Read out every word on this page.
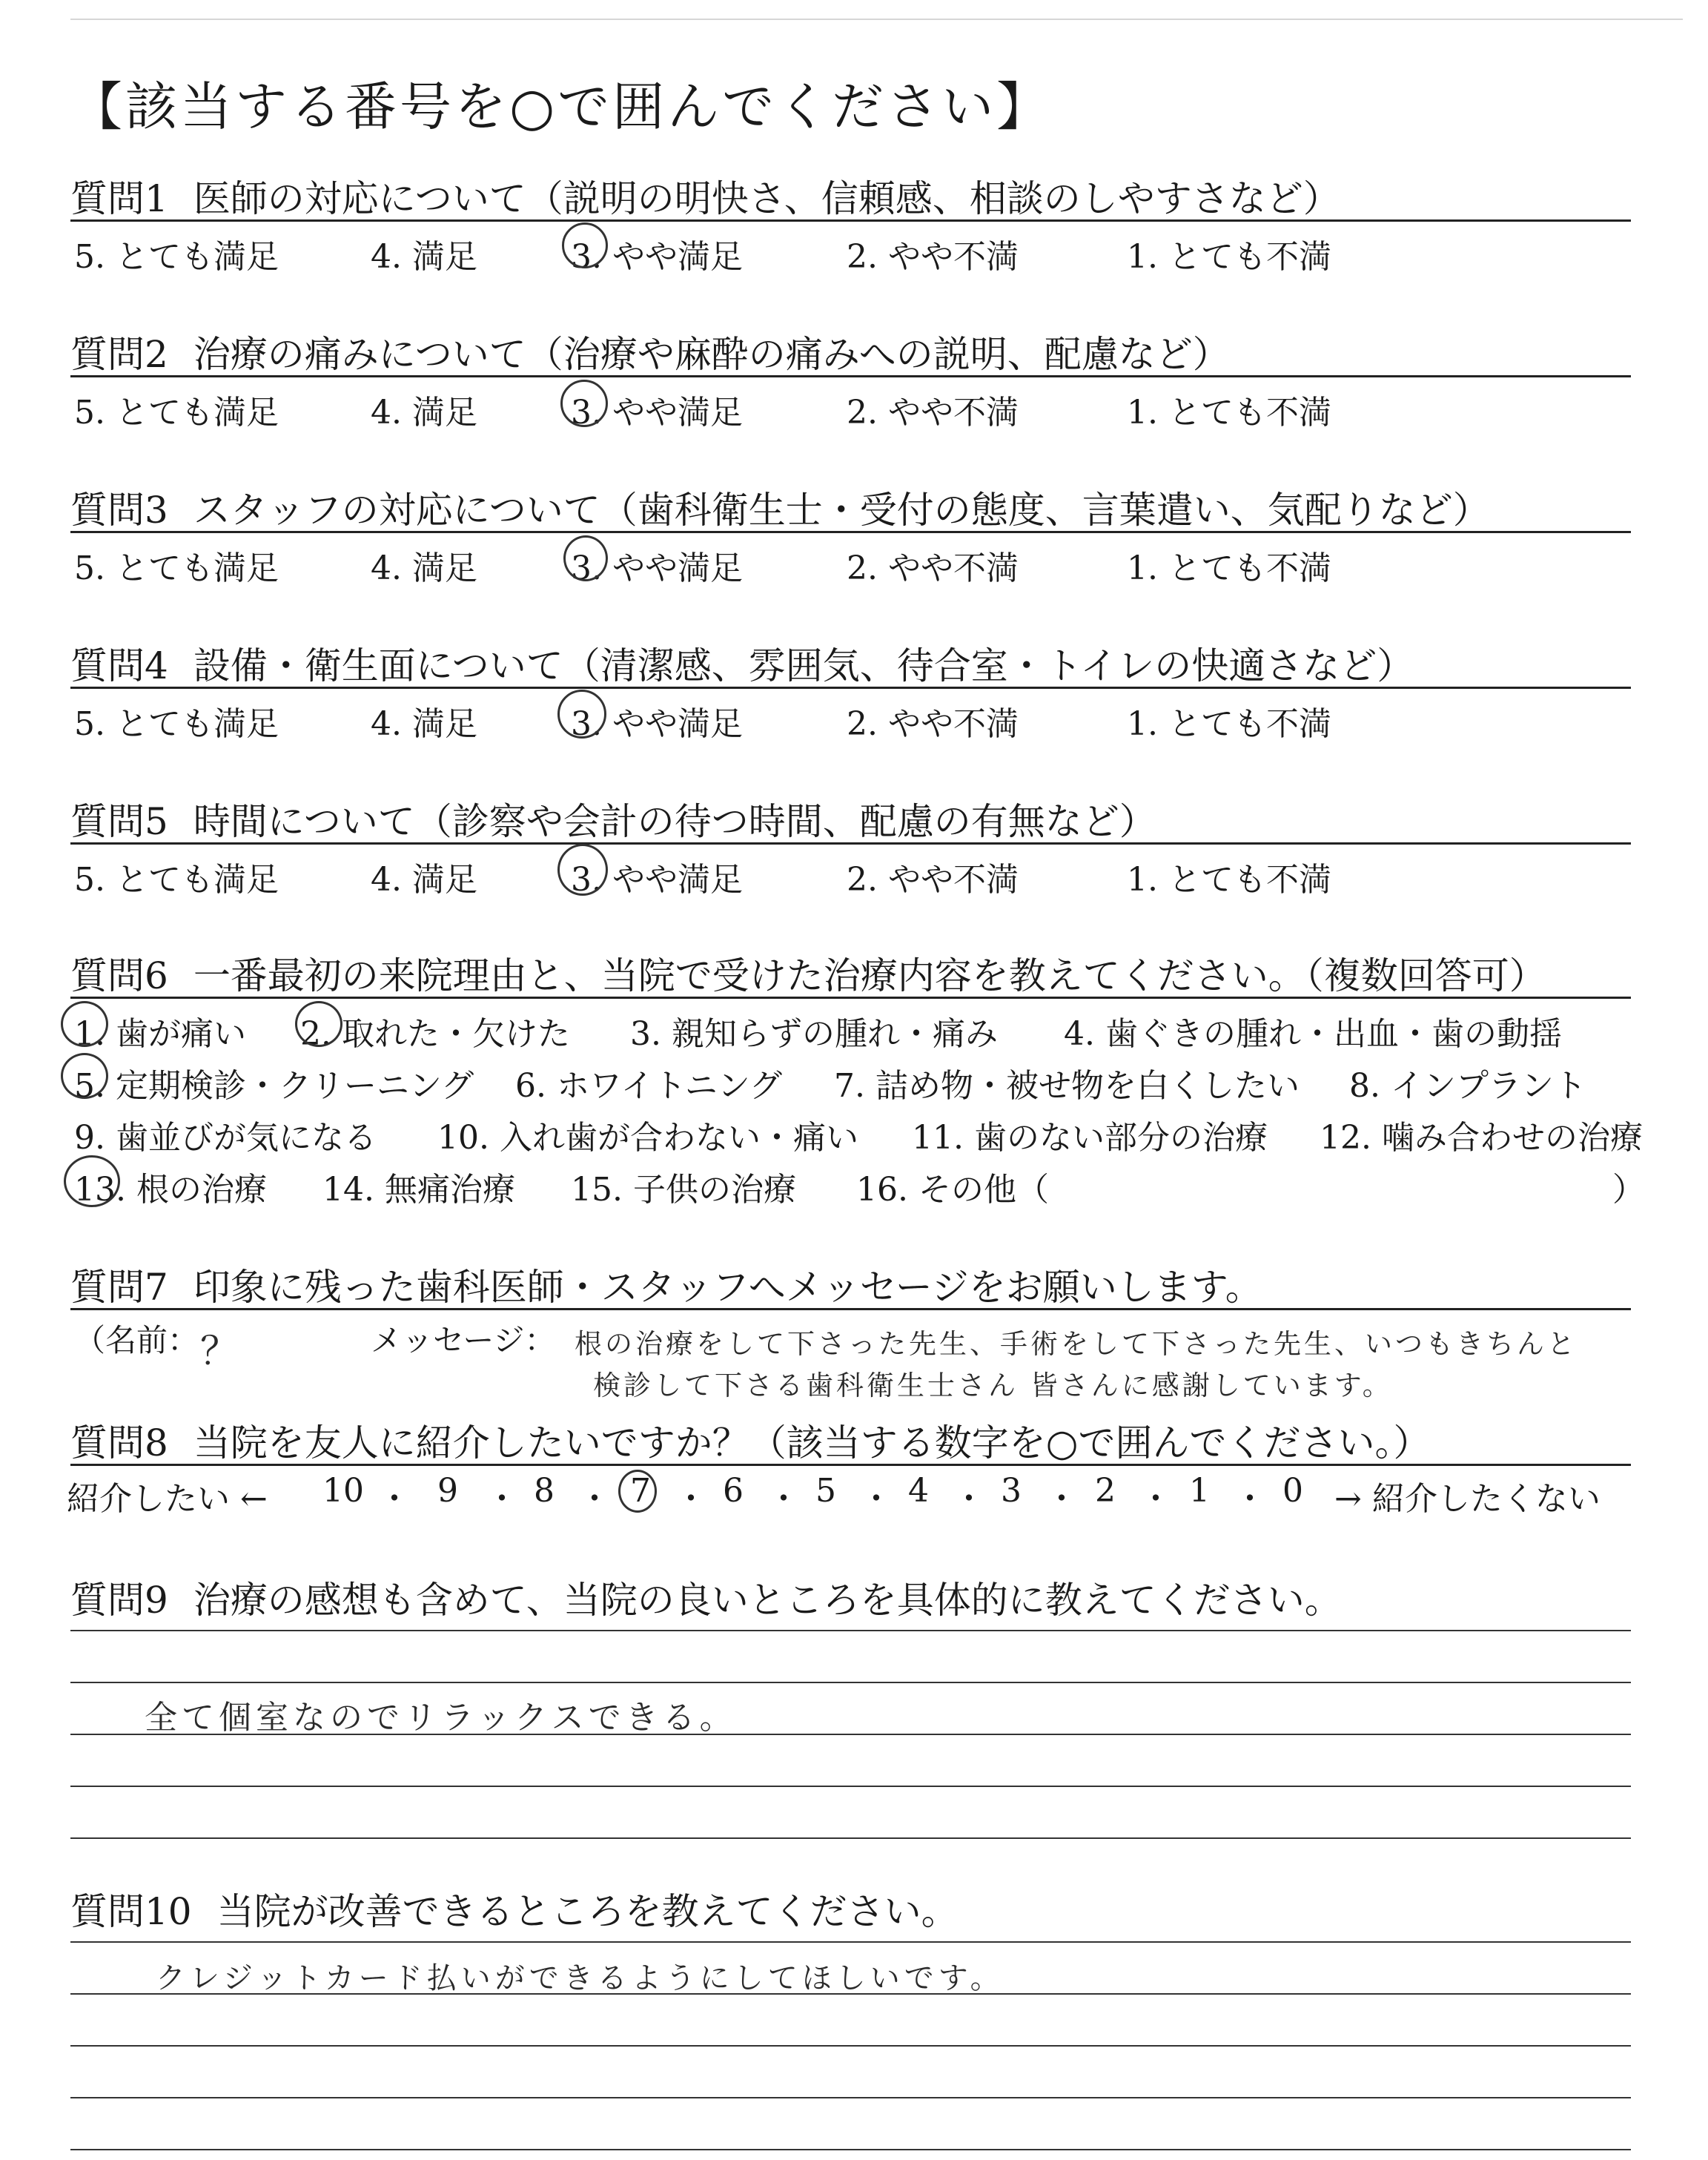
【該当する番号を○で囲んでください】
質問1 医師の対応について（説明の明快さ、信頼感、相談のしやすさなど）
5. とても満足	4. 満足	3. やや満足	2. やや不満	1. とても不満
質問2 治療の痛みについて（治療や麻酔の痛みへの説明、配慮など）
5. とても満足	4. 満足	3. やや満足	2. やや不満	1. とても不満
質問3 スタッフの対応について（歯科衛生士・受付の態度、言葉遣い、気配りなど）
5. とても満足	4. 満足	3. やや満足	2. やや不満	1. とても不満
質問4 設備・衛生面について（清潔感、雰囲気、待合室・トイレの快適さなど）
5. とても満足	4. 満足	3. やや満足	2. やや不満	1. とても不満
質問5 時間について（診察や会計の待つ時間、配慮の有無など）
5. とても満足	4. 満足	3. やや満足	2. やや不満	1. とても不満
質問6 一番最初の来院理由と、当院で受けた治療内容を教えてください。（複数回答可）
1. 歯が痛い 2. 取れた・欠けた 3. 親知らずの腫れ・痛み 4. 歯ぐきの腫れ・出血・歯の動揺
5. 定期検診・クリーニング 6. ホワイトニング 7. 詰め物・被せ物を白くしたい 8. インプラント
9. 歯並びが気になる 10. 入れ歯が合わない・痛い 11. 歯のない部分の治療 12. 噛み合わせの治療
13. 根の治療 14. 無痛治療 15. 子供の治療 16. その他（	）
質問7 印象に残った歯科医師・スタッフへメッセージをお願いします。
（名前：	メッセージ：
？	根の治療をして下さった先生、手術をして下さった先生、いつもきちんと
検診して下さる歯科衛生士さん 皆さんに感謝しています。
質問8 当院を友人に紹介したいですか？（該当する数字を○で囲んでください。）
紹介したい ← 10 ・ 9 ・ 8 ・ 7 ・ 6 ・ 5 ・ 4 ・ 3 ・ 2 ・ 1 ・ 0 → 紹介したくない
質問9 治療の感想も含めて、当院の良いところを具体的に教えてください。
全て個室なのでリラックスできる。
質問10 当院が改善できるところを教えてください。
クレジットカード払いができるようにしてほしいです。
